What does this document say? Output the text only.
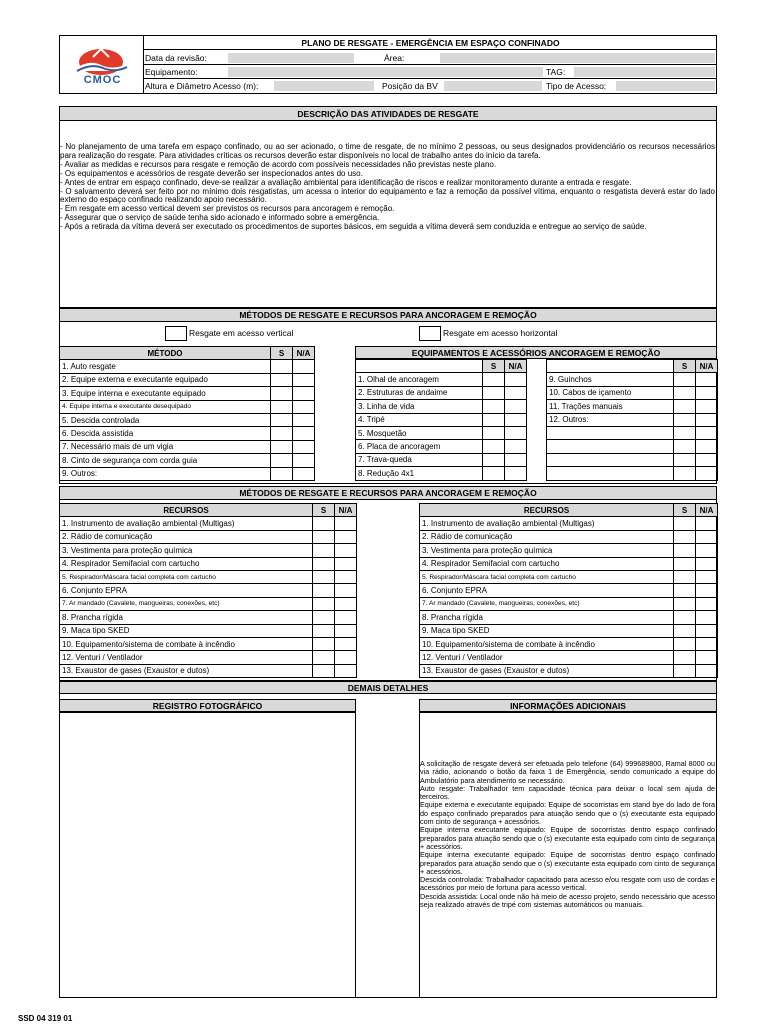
CMOC
PLANO DE RESGATE - EMERGÊNCIA EM ESPAÇO CONFINADO
Data da revisão:	Área:
Equipamento:	TAG:
Altura e Diâmetro Acesso (m):	Posição da BV	Tipo de Acesso:
DESCRIÇÃO DAS ATIVIDADES DE RESGATE
- No planejamento de uma tarefa em espaço confinado, ou ao ser acionado, o time de resgate, de no mínimo 2 pessoas, ou seus designados providenciário os recursos necessários para realização do resgate. Para atividades críticas os recursos deverão estar disponíveis no local de trabalho antes do início da tarefa.
- Avaliar as medidas e recursos para resgate e remoção de acordo com possíveis necessidades não previstas neste plano.
- Os equipamentos e acessórios de resgate deverão ser inspecionados antes do uso.
- Antes de entrar em espaço confinado, deve-se realizar a avaliação ambiental para identificação de riscos e realizar monitoramento durante a entrada e resgate.
- O salvamento deverá ser feito por no mínimo dois resgatistas, um acessa o interior do equipamento e faz a remoção da possível vítima, enquanto o resgatista deverá estar do lado externo do espaço confinado realizando apoio necessário.
- Em resgate em acesso vertical devem ser previstos os recursos para ancoragem e remoção.
- Assegurar que o serviço de saúde tenha sido acionado e informado sobre a emergência.
- Após a retirada da vítima deverá ser executado os procedimentos de suportes básicos, em seguida a vítima deverá sem conduzida e entregue ao serviço de saúde.
MÉTODOS DE RESGATE E RECURSOS PARA ANCORAGEM E REMOÇÃO
Resgate em acesso vertical	Resgate em acesso horizontal
MÉTODO	S	N/A
1. Auto resgate		
2. Equipe externa e executante equipado		
3. Equipe interna e executante equipado		
4. Equipe interna e executante desequipado		
5. Descida controlada		
6. Descida assistida		
7. Necessário mais de um vigia		
8. Cinto de segurança com corda guia		
9. Outros:		
EQUIPAMENTOS E ACESSÓRIOS ANCORAGEM E REMOÇÃO
	S	N/A
1. Olhal de ancoragem		
2. Estruturas de andaime		
3. Linha de vida		
4. Tripé		
5. Mosquetão		
6. Placa de ancoragem		
7. Trava-queda		
8. Redução 4x1		
	S	N/A
9. Guinchos		
10. Cabos de içamento		
11. Trações manuais		
12. Outros:		

MÉTODOS DE RESGATE E RECURSOS PARA ANCORAGEM E REMOÇÃO
RECURSOS	S	N/A
1. Instrumento de avaliação ambiental (Multigas)		
2. Rádio de comunicação		
3. Vestimenta para proteção química		
4. Respirador Semifacial com cartucho		
5. Respirador/Máscara facial completa com cartucho		
6. Conjunto EPRA		
7. Ar mandado (Cavalete, mangueiras, conexões, etc)		
8. Prancha rígida		
9. Maca tipo SKED		
10. Equipamento/sistema de combate à incêndio		
12. Venturi / Ventilador		
13. Exaustor de gases (Exaustor e dutos)		
RECURSOS	S	N/A
1. Instrumento de avaliação ambiental (Multigas)		
2. Rádio de comunicação		
3. Vestimenta para proteção química		
4. Respirador Semifacial com cartucho		
5. Respirador/Máscara facial completa com cartucho		
6. Conjunto EPRA		
7. Ar mandado (Cavalete, mangueiras, conexões, etc)		
8. Prancha rígida		
9. Maca tipo SKED		
10. Equipamento/sistema de combate à incêndio		
12. Venturi / Ventilador		
13. Exaustor de gases (Exaustor e dutos)		
DEMAIS DETALHES
REGISTRO FOTOGRÁFICO	INFORMAÇÕES ADICIONAIS

A solicitação de resgate deverá ser efetuada pelo telefone (64) 999689800, Ramal 8000 ou via rádio, acionando o botão da faixa 1 de Emergência, sendo comunicado a equipe do Ambulatório para atendimento se necessário.

Auto resgate: Trabalhador tem capacidade técnica para deixar o local sem ajuda de terceiros.

Equipe externa e executante equipado: Equipe de socorristas em stand bye do lado de fora do espaço confinado preparados para atuação sendo que o (s) executante esta equipado com cinto de segurança + acessórios.

Equipe interna executante equipado: Equipe de socorristas dentro espaço confinado preparados para atuação sendo que o (s) executante esta equipado com cinto de segurança + acessórios.

Equipe interna executante equipado: Equipe de socorristas dentro espaço confinado preparados para atuação sendo que o (s) executante esta equipado com cinto de segurança + acessórios.

Descida controlada: Trabalhador capacitado para acesso e/ou resgate com uso de cordas e acessórios por meio de fortuna para acesso vertical.

Descida assistida: Local onde não há meio de acesso projeto, sendo necessário que acesso seja realizado através de tripé com sistemas automáticos ou manuais.

SSD 04 319 01
